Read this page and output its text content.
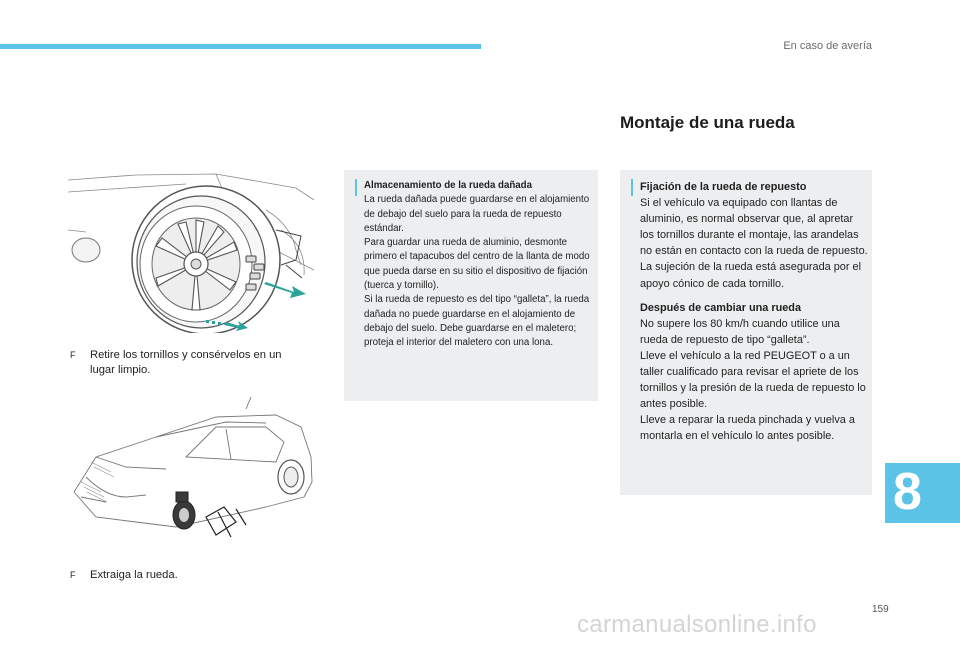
En caso de avería
Montaje de una rueda
F	Retire los tornillos y consérvelos en un lugar limpio.
F	Extraiga la rueda.
Almacenamiento de la rueda dañada

La rueda dañada puede guardarse en el alojamiento de debajo del suelo para la rueda de repuesto estándar.

Para guardar una rueda de aluminio, desmonte primero el tapacubos del centro de la llanta de modo que pueda darse en su sitio el dispositivo de fijación (tuerca y tornillo).

Si la rueda de repuesto es del tipo “galleta”, la rueda dañada no puede guardarse en el alojamiento de debajo del suelo. Debe guardarse en el maletero; proteja el interior del maletero con una lona.

Fijación de la rueda de repuesto

Si el vehículo va equipado con llantas de aluminio, es normal observar que, al apretar los tornillos durante el montaje, las arandelas no están en contacto con la rueda de repuesto. La sujeción de la rueda está asegurada por el apoyo cónico de cada tornillo.

Después de cambiar una rueda

No supere los 80 km/h cuando utilice una rueda de repuesto de tipo “galleta”.

Lleve el vehículo a la red PEUGEOT o a un taller cualificado para revisar el apriete de los tornillos y la presión de la rueda de repuesto lo antes posible.

Lleve a reparar la rueda pinchada y vuelva a montarla en el vehículo lo antes posible.

8
159
carmanualsonline.info
